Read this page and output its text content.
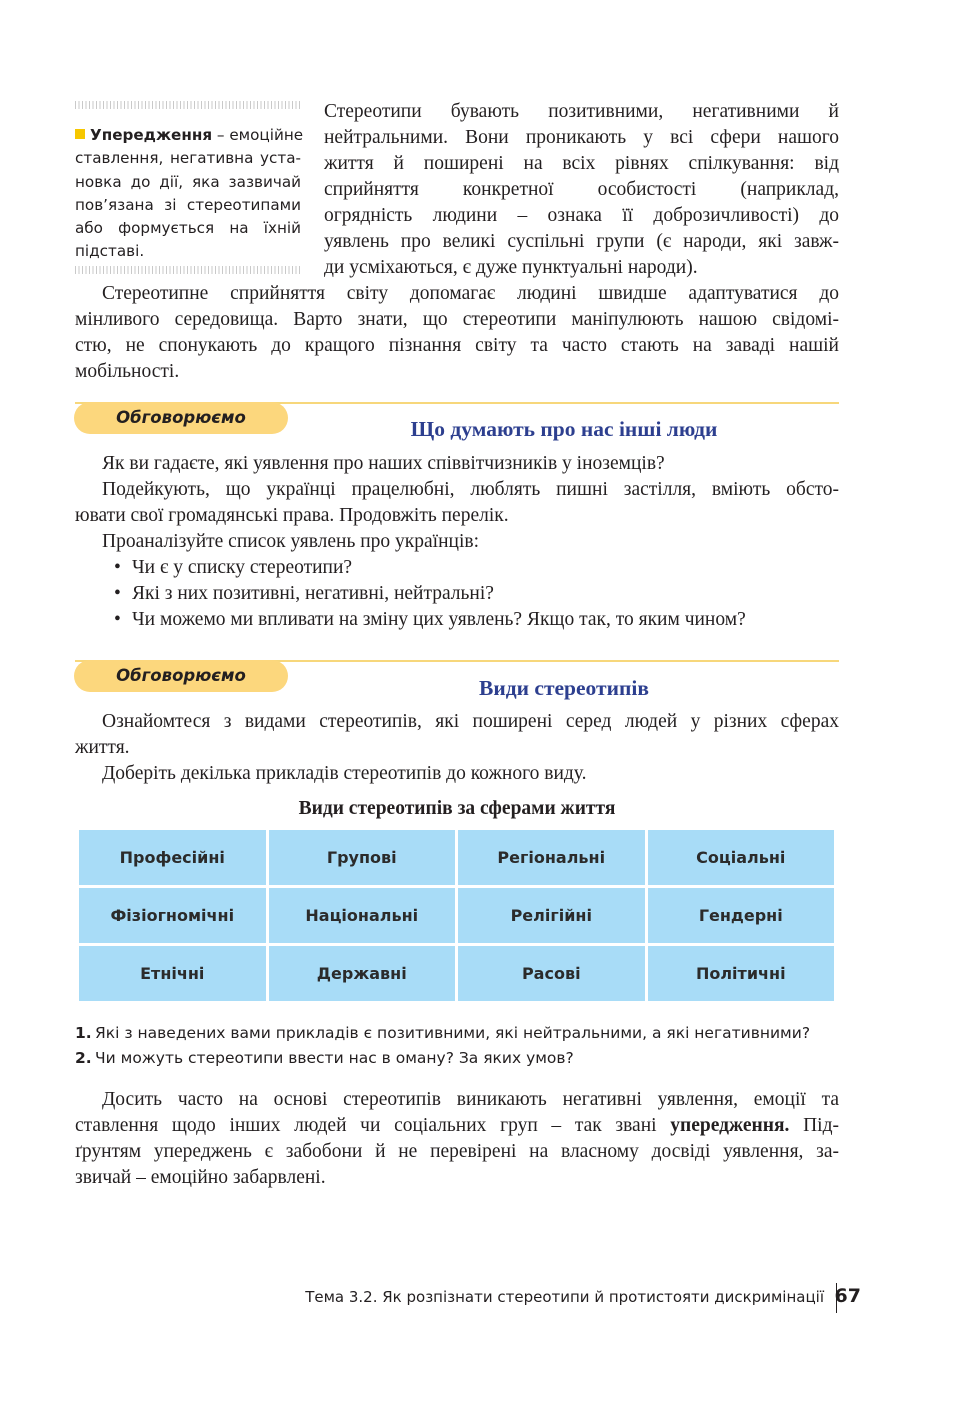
Упередження – емоційне
ставлення, негативна уста-
новка до дії, яка зазвичай
пов’язана зі стереотипами
або формується на їхній
підставі.
Стереотипи бувають позитивними, негативними й
нейтральними. Вони проникають у всі сфери нашого
життя й поширені на всіх рівнях спілкування: від
сприйняття конкретної особистості (наприклад,
огрядність людини – ознака її доброзичливості) до
уявлень про великі суспільні групи (є народи, які завж-
ди усміхаються, є дуже пунктуальні народи).
Стереотипне сприйняття світу допомагає людині швидше адаптуватися до
мінливого середовища. Варто знати, що стереотипи маніпулюють нашою свідомі-
стю, не спонукають до кращого пізнання світу та часто стають на заваді нашій
мобільності.
Обговорюємо	Що думають про нас інші люди
Як ви гадаєте, які уявлення про наших співвітчизників у іноземців?
Подейкують, що українці працелюбні, люблять пишні застілля, вміють обсто-
ювати свої громадянські права. Продовжіть перелік.
Проаналізуйте список уявлень про українців:
• Чи є у списку стереотипи?
• Які з них позитивні, негативні, нейтральні?
• Чи можемо ми впливати на зміну цих уявлень? Якщо так, то яким чином?
Обговорюємо
Види стереотипів
Ознайомтеся з видами стереотипів, які поширені серед людей у різних сферах
життя.
Доберіть декілька прикладів стереотипів до кожного виду.
Види стереотипів за сферами життя
Професійні	Групові	Регіональні	Соціальні
Фізіогномічні	Національні	Релігійні	Гендерні
Етнічні	Державні	Расові	Політичні
1. Які з наведених вами прикладів є позитивними, які нейтральними, а які негативними?
2. Чи можуть стереотипи ввести нас в оману? За яких умов?
Досить часто на основі стереотипів виникають негативні уявлення, емоції та
ставлення щодо інших людей чи соціальних груп – так звані упередження. Під-
ґрунтям упереджень є забобони й не перевірені на власному досвіді уявлення, за-
звичай – емоційно забарвлені.
Тема 3.2. Як розпізнати стереотипи й протистояти дискримінації 67
